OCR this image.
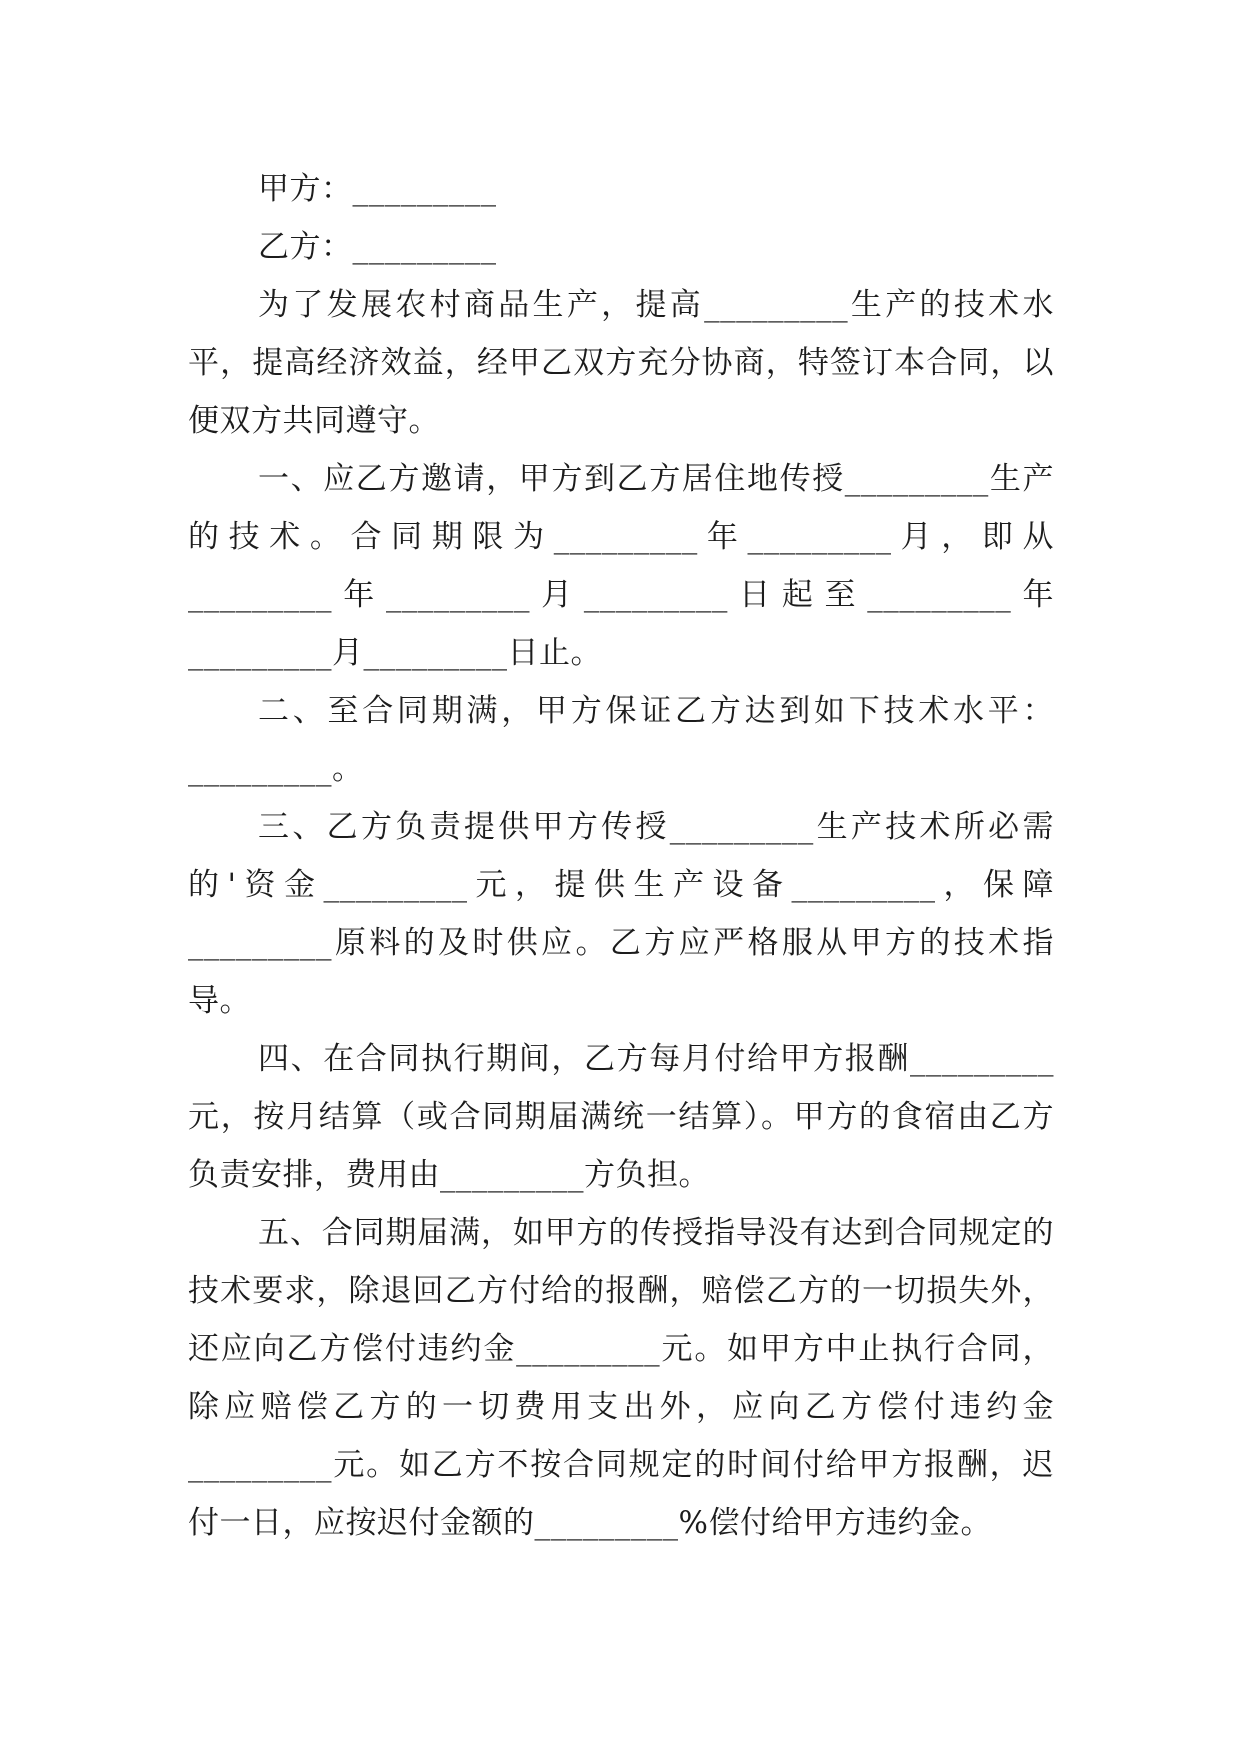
甲方：_________

乙方：_________

为了发展农村商品生产，提高_________生产的技术水平，提高经济效益，经甲乙双方充分协商，特签订本合同，以便双方共同遵守。

一、应乙方邀请，甲方到乙方居住地传授_________生产的技术。合同期限为_________年_________月，即从_________年_________月_________日起至_________年_________月_________日止。

二、至合同期满，甲方保证乙方达到如下技术水平：_________。

三、乙方负责提供甲方传授_________生产技术所必需的'资金_________元，提供生产设备_________，保障_________原料的及时供应。乙方应严格服从甲方的技术指导。

四、在合同执行期间，乙方每月付给甲方报酬_________元，按月结算（或合同期届满统一结算）。甲方的食宿由乙方负责安排，费用由_________方负担。

五、合同期届满，如甲方的传授指导没有达到合同规定的技术要求，除退回乙方付给的报酬，赔偿乙方的一切损失外，还应向乙方偿付违约金_________元。如甲方中止执行合同，除应赔偿乙方的一切费用支出外，应向乙方偿付违约金_________元。如乙方不按合同规定的时间付给甲方报酬，迟付一日，应按迟付金额的_________%偿付给甲方违约金。
